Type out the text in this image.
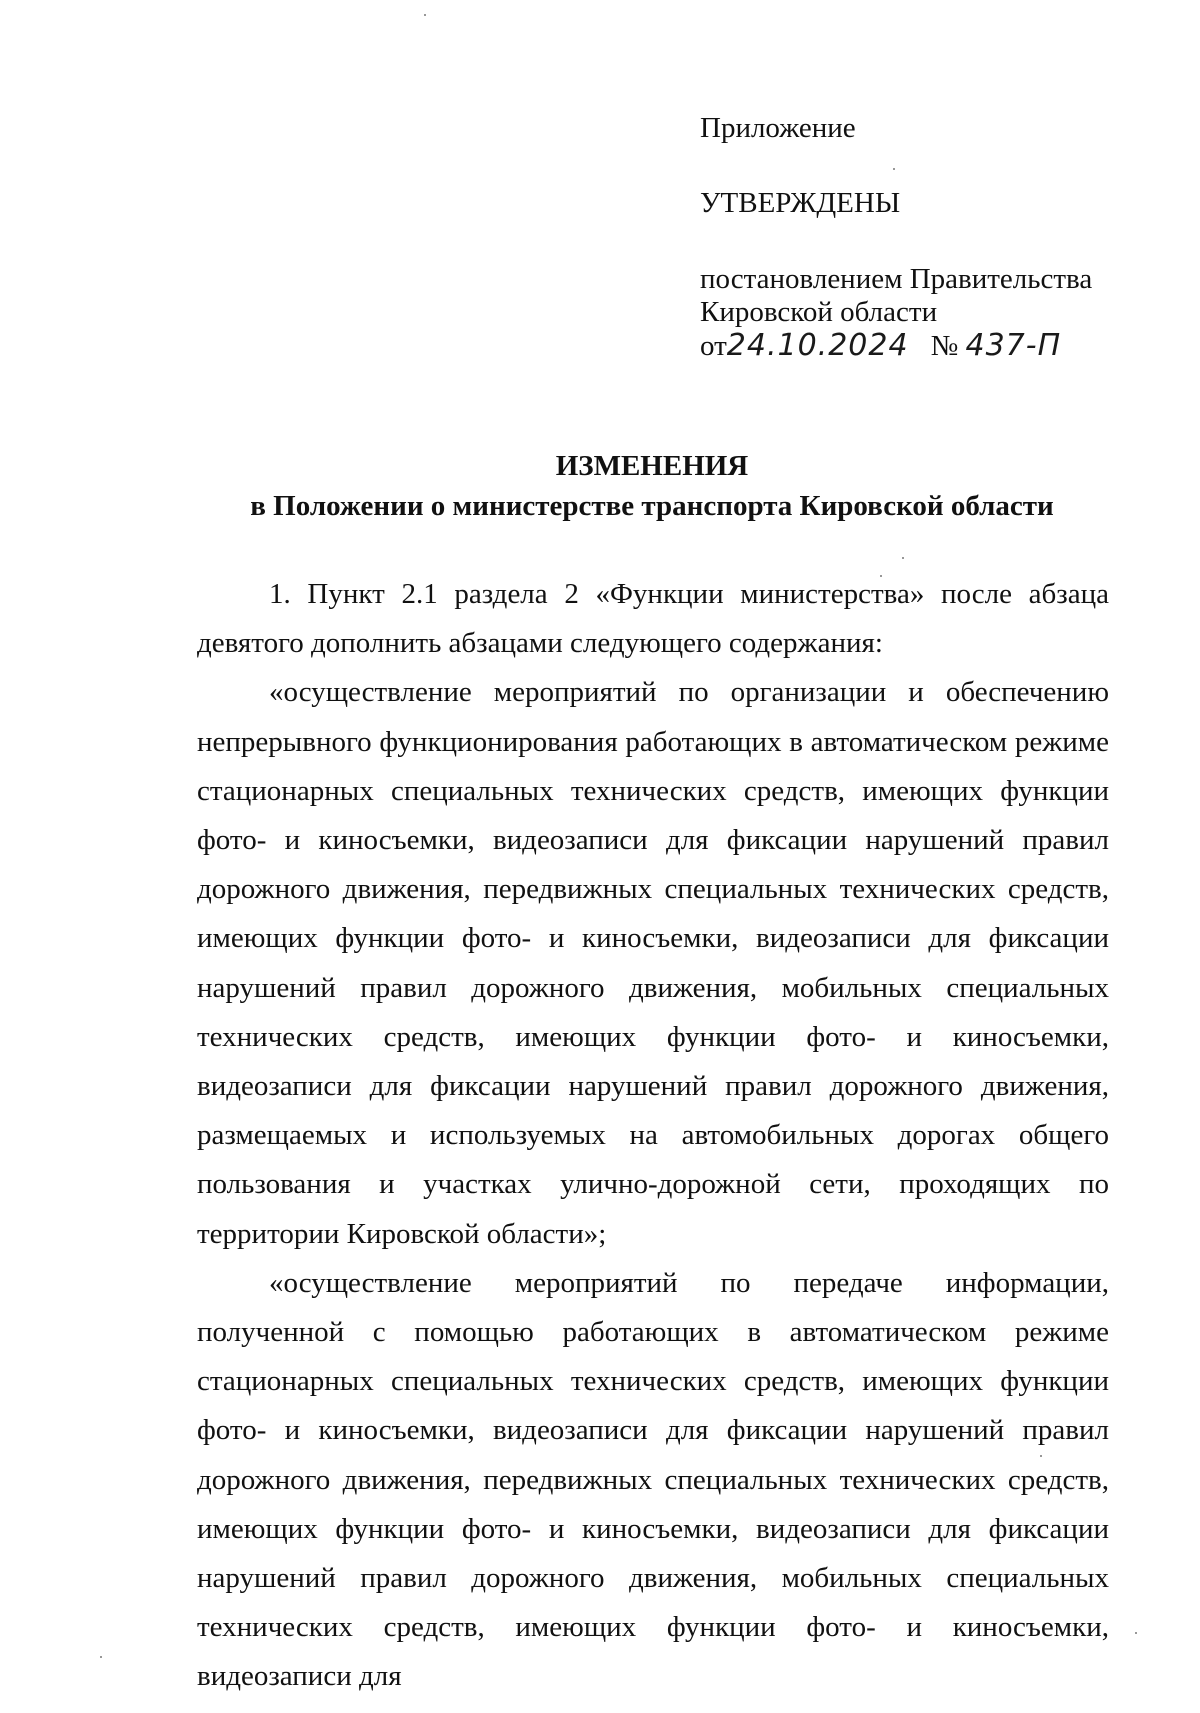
Приложение
УТВЕРЖДЕНЫ
постановлением Правительства
Кировской области
от24.10.2024 № 437-П
ИЗМЕНЕНИЯ
в Положении о министерстве транспорта Кировской области

1. Пункт 2.1 раздела 2 «Функции министерства» после абзаца девятого дополнить абзацами следующего содержания:

«осуществление мероприятий по организации и обеспечению непрерывного функционирования работающих в автоматическом режиме стационарных специальных технических средств, имеющих функции фото- и киносъемки, видеозаписи для фиксации нарушений правил дорожного движения, передвижных специальных технических средств, имеющих функции фото- и киносъемки, видеозаписи для фиксации нарушений правил дорожного движения, мобильных специальных технических средств, имеющих функции фото- и киносъемки, видеозаписи для фиксации нарушений правил дорожного движения, размещаемых и используемых на автомобильных дорогах общего пользования и участках улично-дорожной сети, проходящих по территории Кировской области»;

«осуществление мероприятий по передаче информации, полученной с помощью работающих в автоматическом режиме стационарных специальных технических средств, имеющих функции фото- и киносъемки, видеозаписи для фиксации нарушений правил дорожного движения, передвижных специальных технических средств, имеющих функции фото- и киносъемки, видеозаписи для фиксации нарушений правил дорожного движения, мобильных специальных технических средств, имеющих функции фото- и киносъемки, видеозаписи для
